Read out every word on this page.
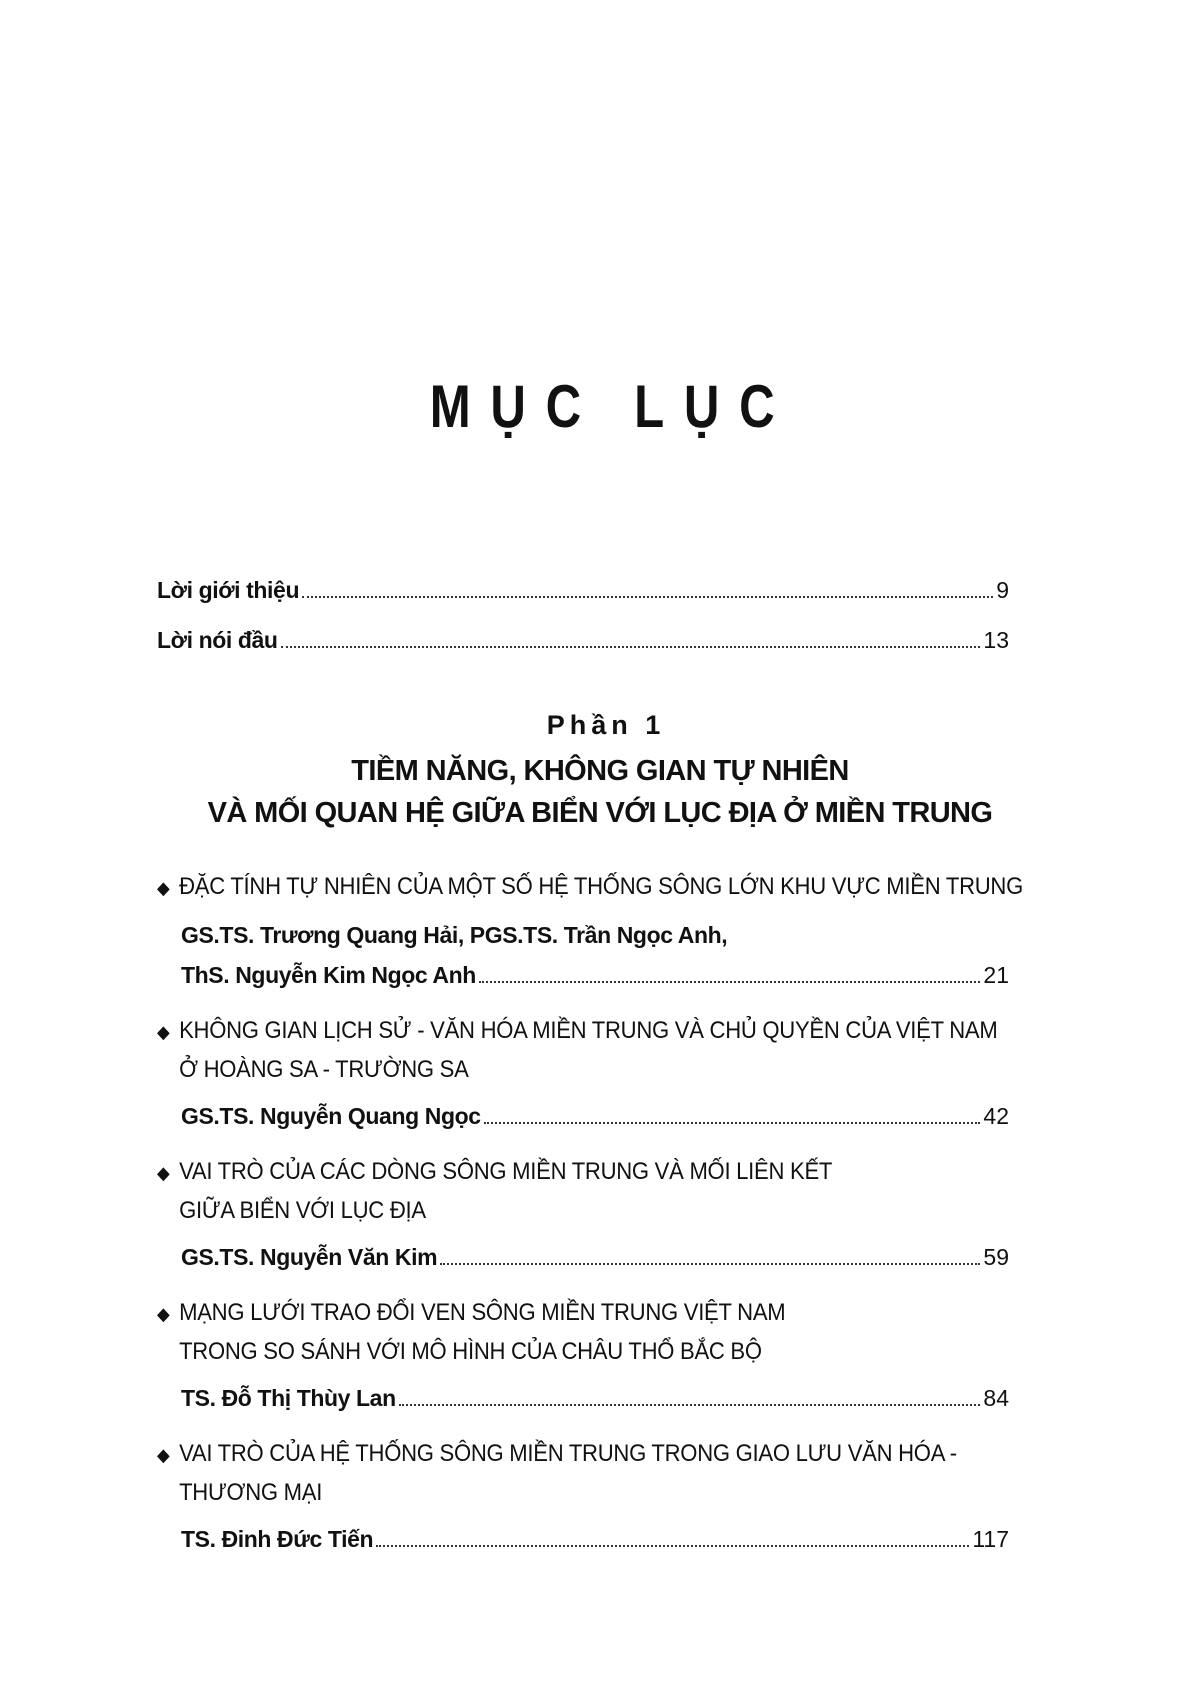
MỤC LỤC
Lời giới thiệu	9
Lời nói đầu	13
Phần 1
TIỀM NĂNG, KHÔNG GIAN TỰ NHIÊN
VÀ MỐI QUAN HỆ GIỮA BIỂN VỚI LỤC ĐỊA Ở MIỀN TRUNG
◆ ĐẶC TÍNH TỰ NHIÊN CỦA MỘT SỐ HỆ THỐNG SÔNG LỚN KHU VỰC MIỀN TRUNG
GS.TS. Trương Quang Hải, PGS.TS. Trần Ngọc Anh,
ThS. Nguyễn Kim Ngọc Anh	21
◆ KHÔNG GIAN LỊCH SỬ - VĂN HÓA MIỀN TRUNG VÀ CHỦ QUYỀN CỦA VIỆT NAM
Ở HOÀNG SA - TRƯỜNG SA
GS.TS. Nguyễn Quang Ngọc	42
◆ VAI TRÒ CỦA CÁC DÒNG SÔNG MIỀN TRUNG VÀ MỐI LIÊN KẾT
GIỮA BIỂN VỚI LỤC ĐỊA
GS.TS. Nguyễn Văn Kim	59
◆ MẠNG LƯỚI TRAO ĐỔI VEN SÔNG MIỀN TRUNG VIỆT NAM
TRONG SO SÁNH VỚI MÔ HÌNH CỦA CHÂU THỔ BẮC BỘ
TS. Đỗ Thị Thùy Lan	84
◆ VAI TRÒ CỦA HỆ THỐNG SÔNG MIỀN TRUNG TRONG GIAO LƯU VĂN HÓA -
THƯƠNG MẠI
TS. Đinh Đức Tiến	117
